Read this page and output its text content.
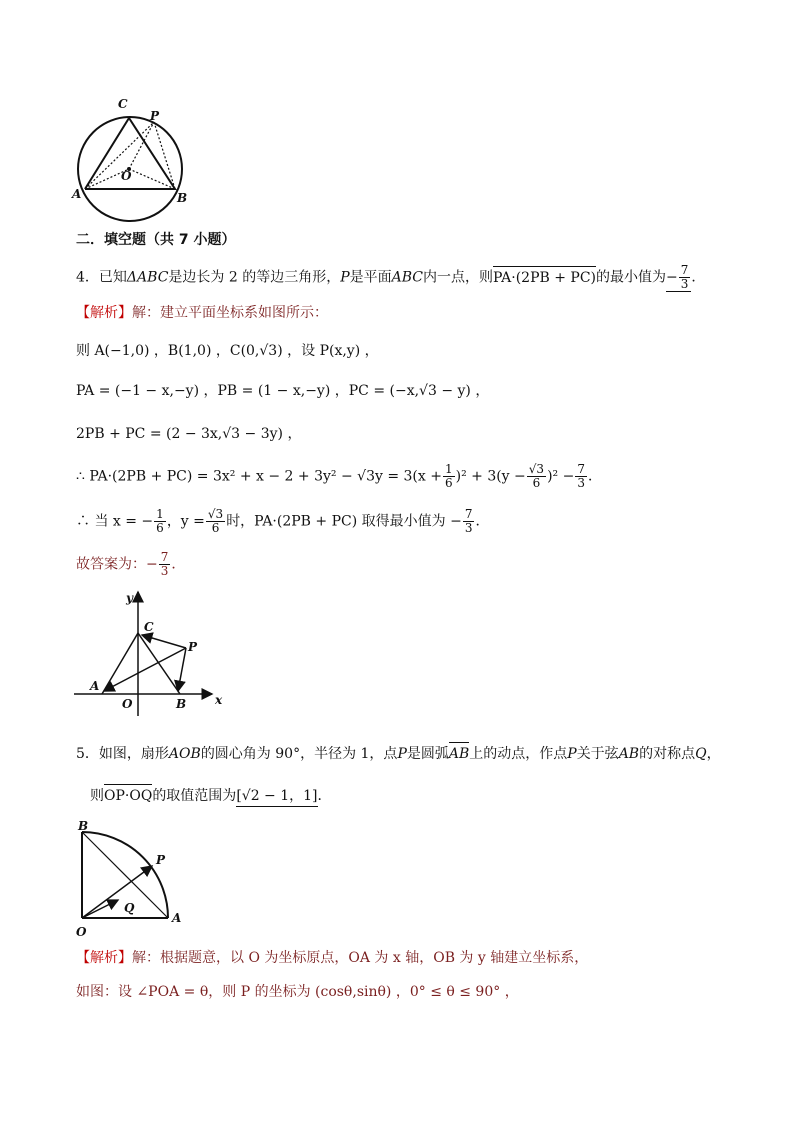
C
P
O
A	B
二．填空题（共 7 小题）
4．已知ΔABC是边长为 2 的等边三角形，P是平面ABC内一点，则PA·(2PB + PC)的最小值为− $\frac{7}{3}$ ．
【解析】解：建立平面坐标系如图所示：
则 A(−1,0) ，B(1,0) ，C(0,√3) ，设 P(x,y) ，
PA = (−1 − x,−y) ，PB = (1 − x,−y) ，PC = (−x,√3 − y) ，
2PB + PC = (2 − 3x,√3 − 3y) ，
∴ $PA\cdot(2PB + PC) = 3x^2 + x - 2 + 3y^2 - √3y = 3(x + \frac{1}{6} )^2 + 3(y - \frac{√3}{6} )^2 - \frac{7}{3}$ ．
∴ 当 x = − $\frac{1}{6}$ ，$y = \frac{√3}{6}$ 时，PA·(2PB + PC) 取得最小值为 − $\frac{7}{3}$ ．
故答案为：− $\frac{7}{3}$ ．
y
x
C
P
A
O	B
5．如图，扇形AOB的圆心角为 90°，半径为 1，点P是圆弧AB上的动点，作点P关于弦AB的对称点Q，
则OP·OQ的取值范围为[√2 − 1，1]．
B
P
Q
O
A
【解析】解：根据题意，以 O 为坐标原点，OA 为 x 轴，OB 为 y 轴建立坐标系，
如图：设 ∠POA = θ，则 P 的坐标为 (cosθ,sinθ) ，0° ≤ θ ≤ 90° ，
